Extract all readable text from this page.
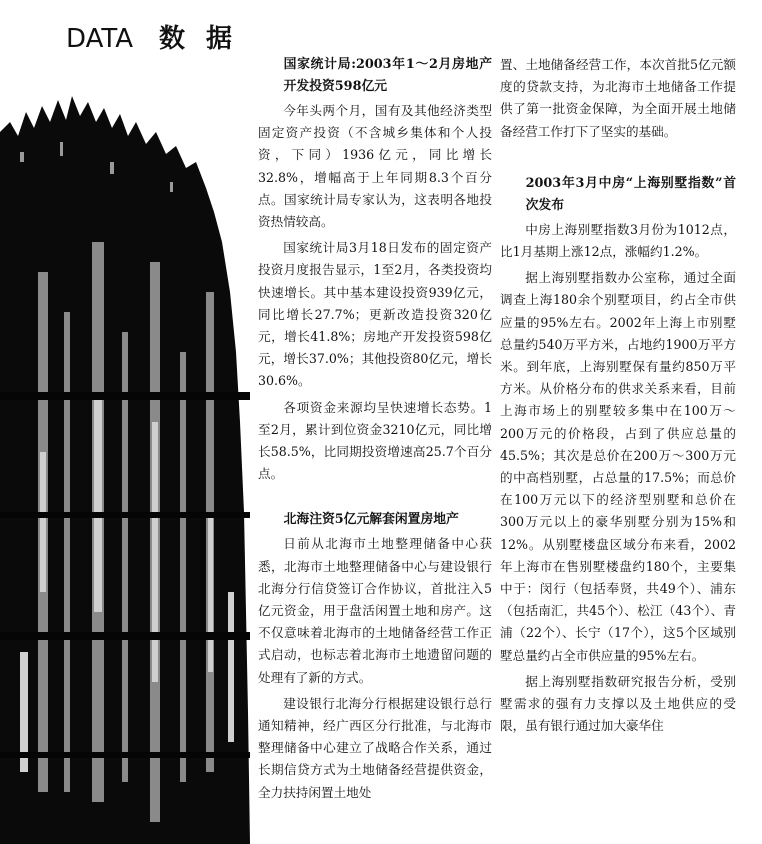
DATA 数 据
国家统计局:2003年1～2月房地产开发投资598亿元

今年头两个月，国有及其他经济类型固定资产投资（不含城乡集体和个人投资，下同）1936亿元，同比增长32.8%，增幅高于上年同期8.3个百分点。国家统计局专家认为，这表明各地投资热情较高。

国家统计局3月18日发布的固定资产投资月度报告显示，1至2月，各类投资均快速增长。其中基本建设投资939亿元，同比增长27.7%；更新改造投资320亿元，增长41.8%；房地产开发投资598亿元，增长37.0%；其他投资80亿元，增长30.6%。

各项资金来源均呈快速增长态势。1至2月，累计到位资金3210亿元，同比增长58.5%，比同期投资增速高25.7个百分点。

北海注资5亿元解套闲置房地产

日前从北海市土地整理储备中心获悉，北海市土地整理储备中心与建设银行北海分行信贷签订合作协议，首批注入5亿元资金，用于盘活闲置土地和房产。这不仅意味着北海市的土地储备经营工作正式启动，也标志着北海市土地遗留问题的处理有了新的方式。

建设银行北海分行根据建设银行总行通知精神，经广西区分行批准，与北海市整理储备中心建立了战略合作关系，通过长期信贷方式为土地储备经营提供资金，全力扶持闲置土地处

置、土地储备经营工作，本次首批5亿元额度的贷款支持，为北海市土地储备工作提供了第一批资金保障，为全面开展土地储备经营工作打下了坚实的基础。

2003年3月中房“上海别墅指数”首次发布

中房上海别墅指数3月份为1012点，比1月基期上涨12点，涨幅约1.2%。

据上海别墅指数办公室称，通过全面调查上海180余个别墅项目，约占全市供应量的95%左右。2002年上海上市别墅总量约540万平方米，占地约1900万平方米。到年底，上海别墅保有量约850万平方米。从价格分布的供求关系来看，目前上海市场上的别墅较多集中在100万～200万元的价格段，占到了供应总量的45.5%；其次是总价在200万～300万元的中高档别墅，占总量的17.5%；而总价在100万元以下的经济型别墅和总价在300万元以上的豪华别墅分别为15%和12%。从别墅楼盘区域分布来看，2002年上海市在售别墅楼盘约180个，主要集中于：闵行（包括奉贤，共49个）、浦东（包括南汇，共45个）、松江（43个）、青浦（22个）、长宁（17个），这5个区域别墅总量约占全市供应量的95%左右。

据上海别墅指数研究报告分析，受别墅需求的强有力支撑以及土地供应的受限，虽有银行通过加大豪华住
